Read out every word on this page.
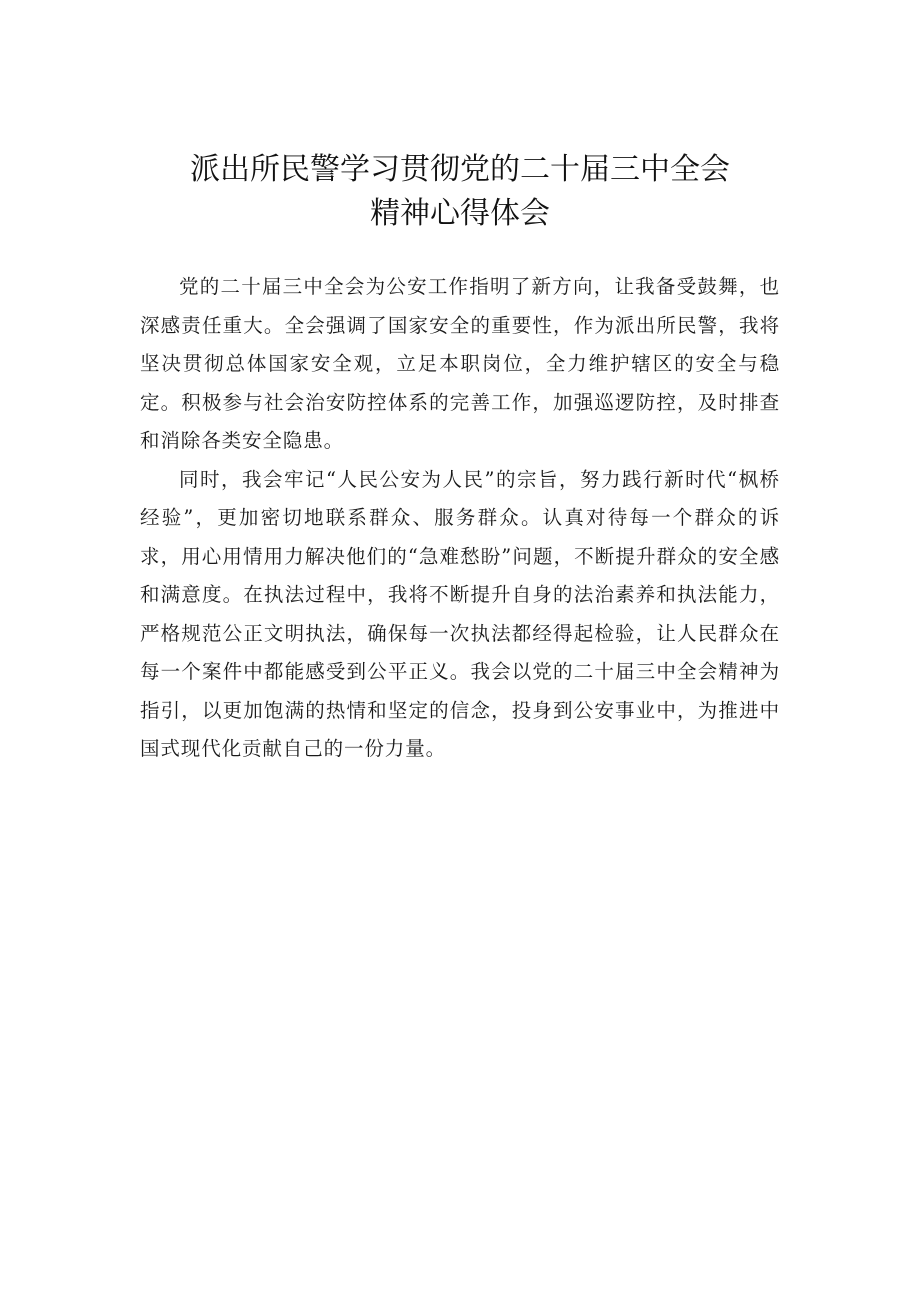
派出所民警学习贯彻党的二十届三中全会
精神心得体会

党的二十届三中全会为公安工作指明了新方向，让我备受鼓舞，也深感责任重大。全会强调了国家安全的重要性，作为派出所民警，我将坚决贯彻总体国家安全观，立足本职岗位，全力维护辖区的安全与稳定。积极参与社会治安防控体系的完善工作，加强巡逻防控，及时排查和消除各类安全隐患。

同时，我会牢记“人民公安为人民”的宗旨，努力践行新时代“枫桥经验”，更加密切地联系群众、服务群众。认真对待每一个群众的诉求，用心用情用力解决他们的“急难愁盼”问题，不断提升群众的安全感和满意度。在执法过程中，我将不断提升自身的法治素养和执法能力，严格规范公正文明执法，确保每一次执法都经得起检验，让人民群众在每一个案件中都能感受到公平正义。我会以党的二十届三中全会精神为指引，以更加饱满的热情和坚定的信念，投身到公安事业中，为推进中国式现代化贡献自己的一份力量。
